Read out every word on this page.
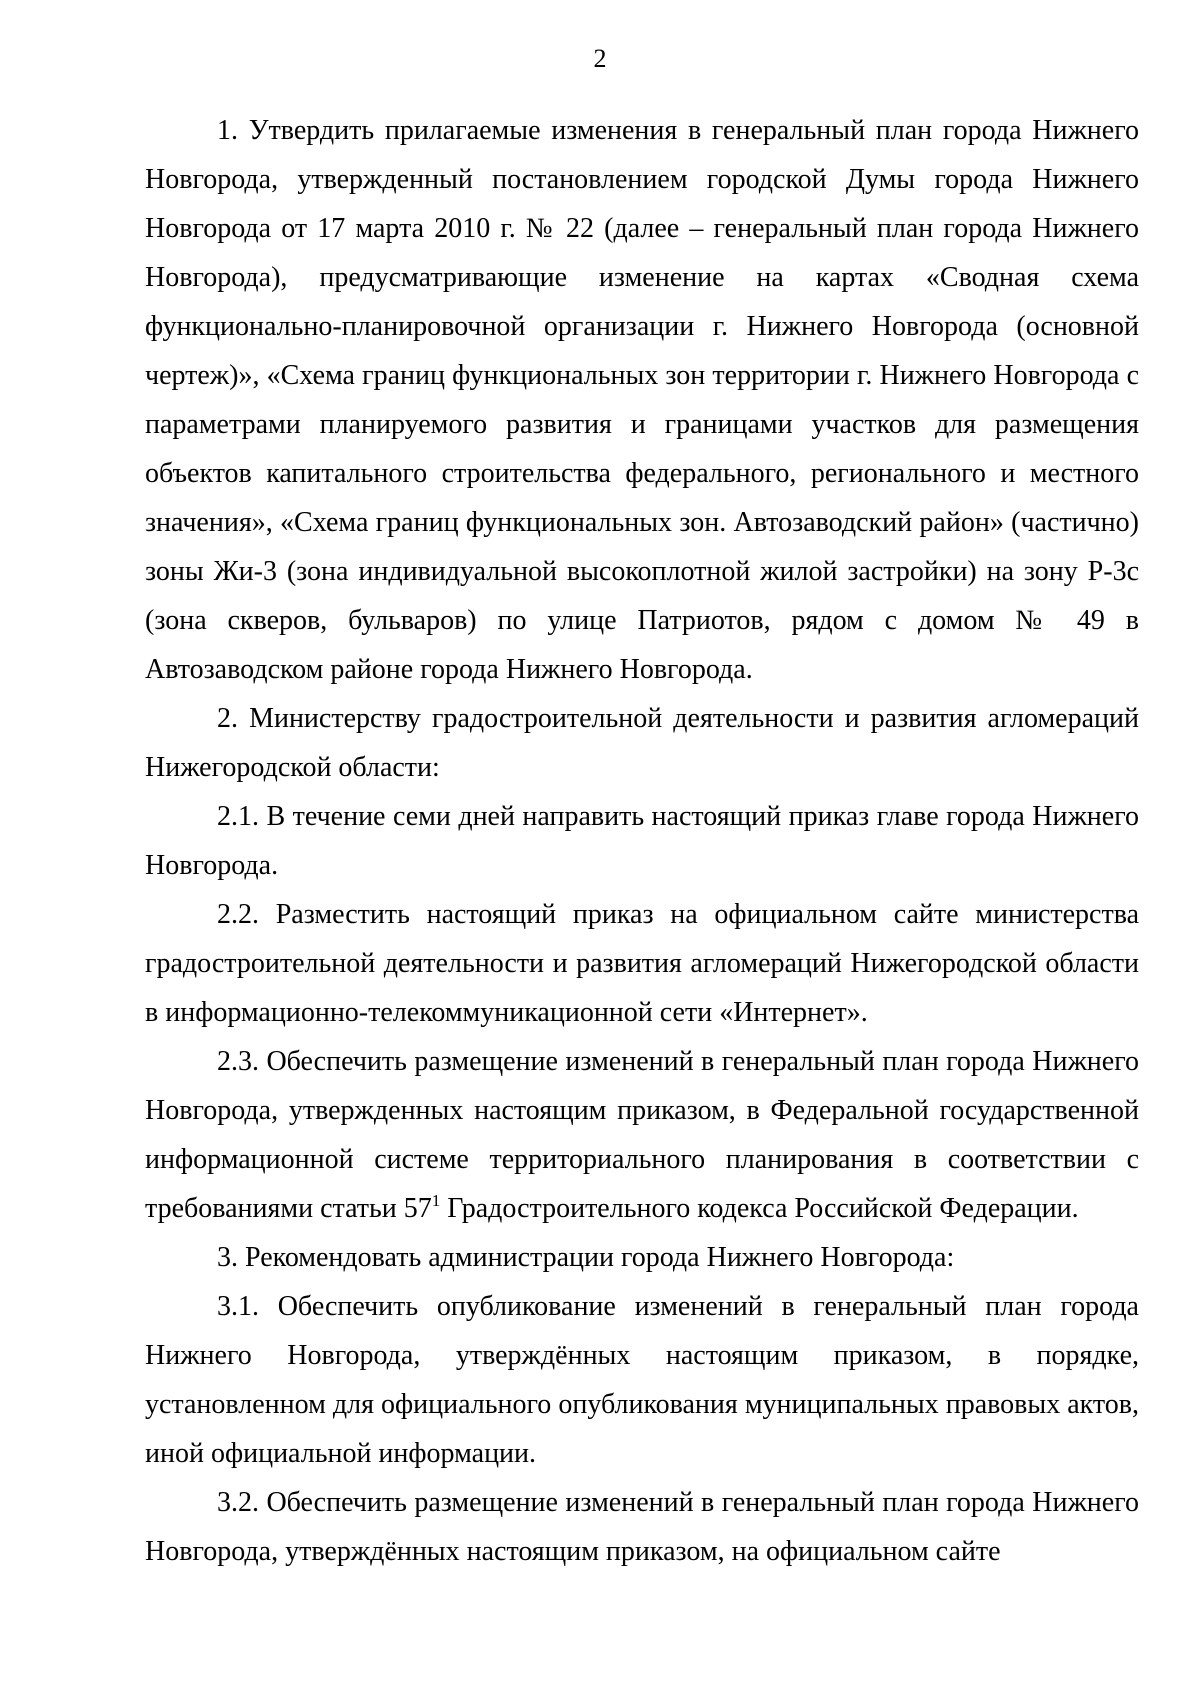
2

1. Утвердить прилагаемые изменения в генеральный план города Нижнего Новгорода, утвержденный постановлением городской Думы города Нижнего Новгорода от 17 марта 2010 г. № 22 (далее – генеральный план города Нижнего Новгорода), предусматривающие изменение на картах «Сводная схема функционально-планировочной организации г. Нижнего Новгорода (основной чертеж)», «Схема границ функциональных зон территории г. Нижнего Новгорода с параметрами планируемого развития и границами участков для размещения объектов капитального строительства федерального, регионального и местного значения», «Схема границ функциональных зон. Автозаводский район» (частично) зоны Жи-3 (зона индивидуальной высокоплотной жилой застройки) на зону Р-3с (зона скверов, бульваров) по улице Патриотов, рядом с домом № 49 в Автозаводском районе города Нижнего Новгорода.

2. Министерству градостроительной деятельности и развития агломераций Нижегородской области:

2.1. В течение семи дней направить настоящий приказ главе города Нижнего Новгорода.

2.2. Разместить настоящий приказ на официальном сайте министерства градостроительной деятельности и развития агломераций Нижегородской области в информационно-телекоммуникационной сети «Интернет».

2.3. Обеспечить размещение изменений в генеральный план города Нижнего Новгорода, утвержденных настоящим приказом, в Федеральной государственной информационной системе территориального планирования в соответствии с требованиями статьи $57^1$ Градостроительного кодекса Российской Федерации.

3. Рекомендовать администрации города Нижнего Новгорода:

3.1. Обеспечить опубликование изменений в генеральный план города Нижнего Новгорода, утверждённых настоящим приказом, в порядке, установленном для официального опубликования муниципальных правовых актов, иной официальной информации.

3.2. Обеспечить размещение изменений в генеральный план города Нижнего Новгорода, утверждённых настоящим приказом, на официальном сайте
